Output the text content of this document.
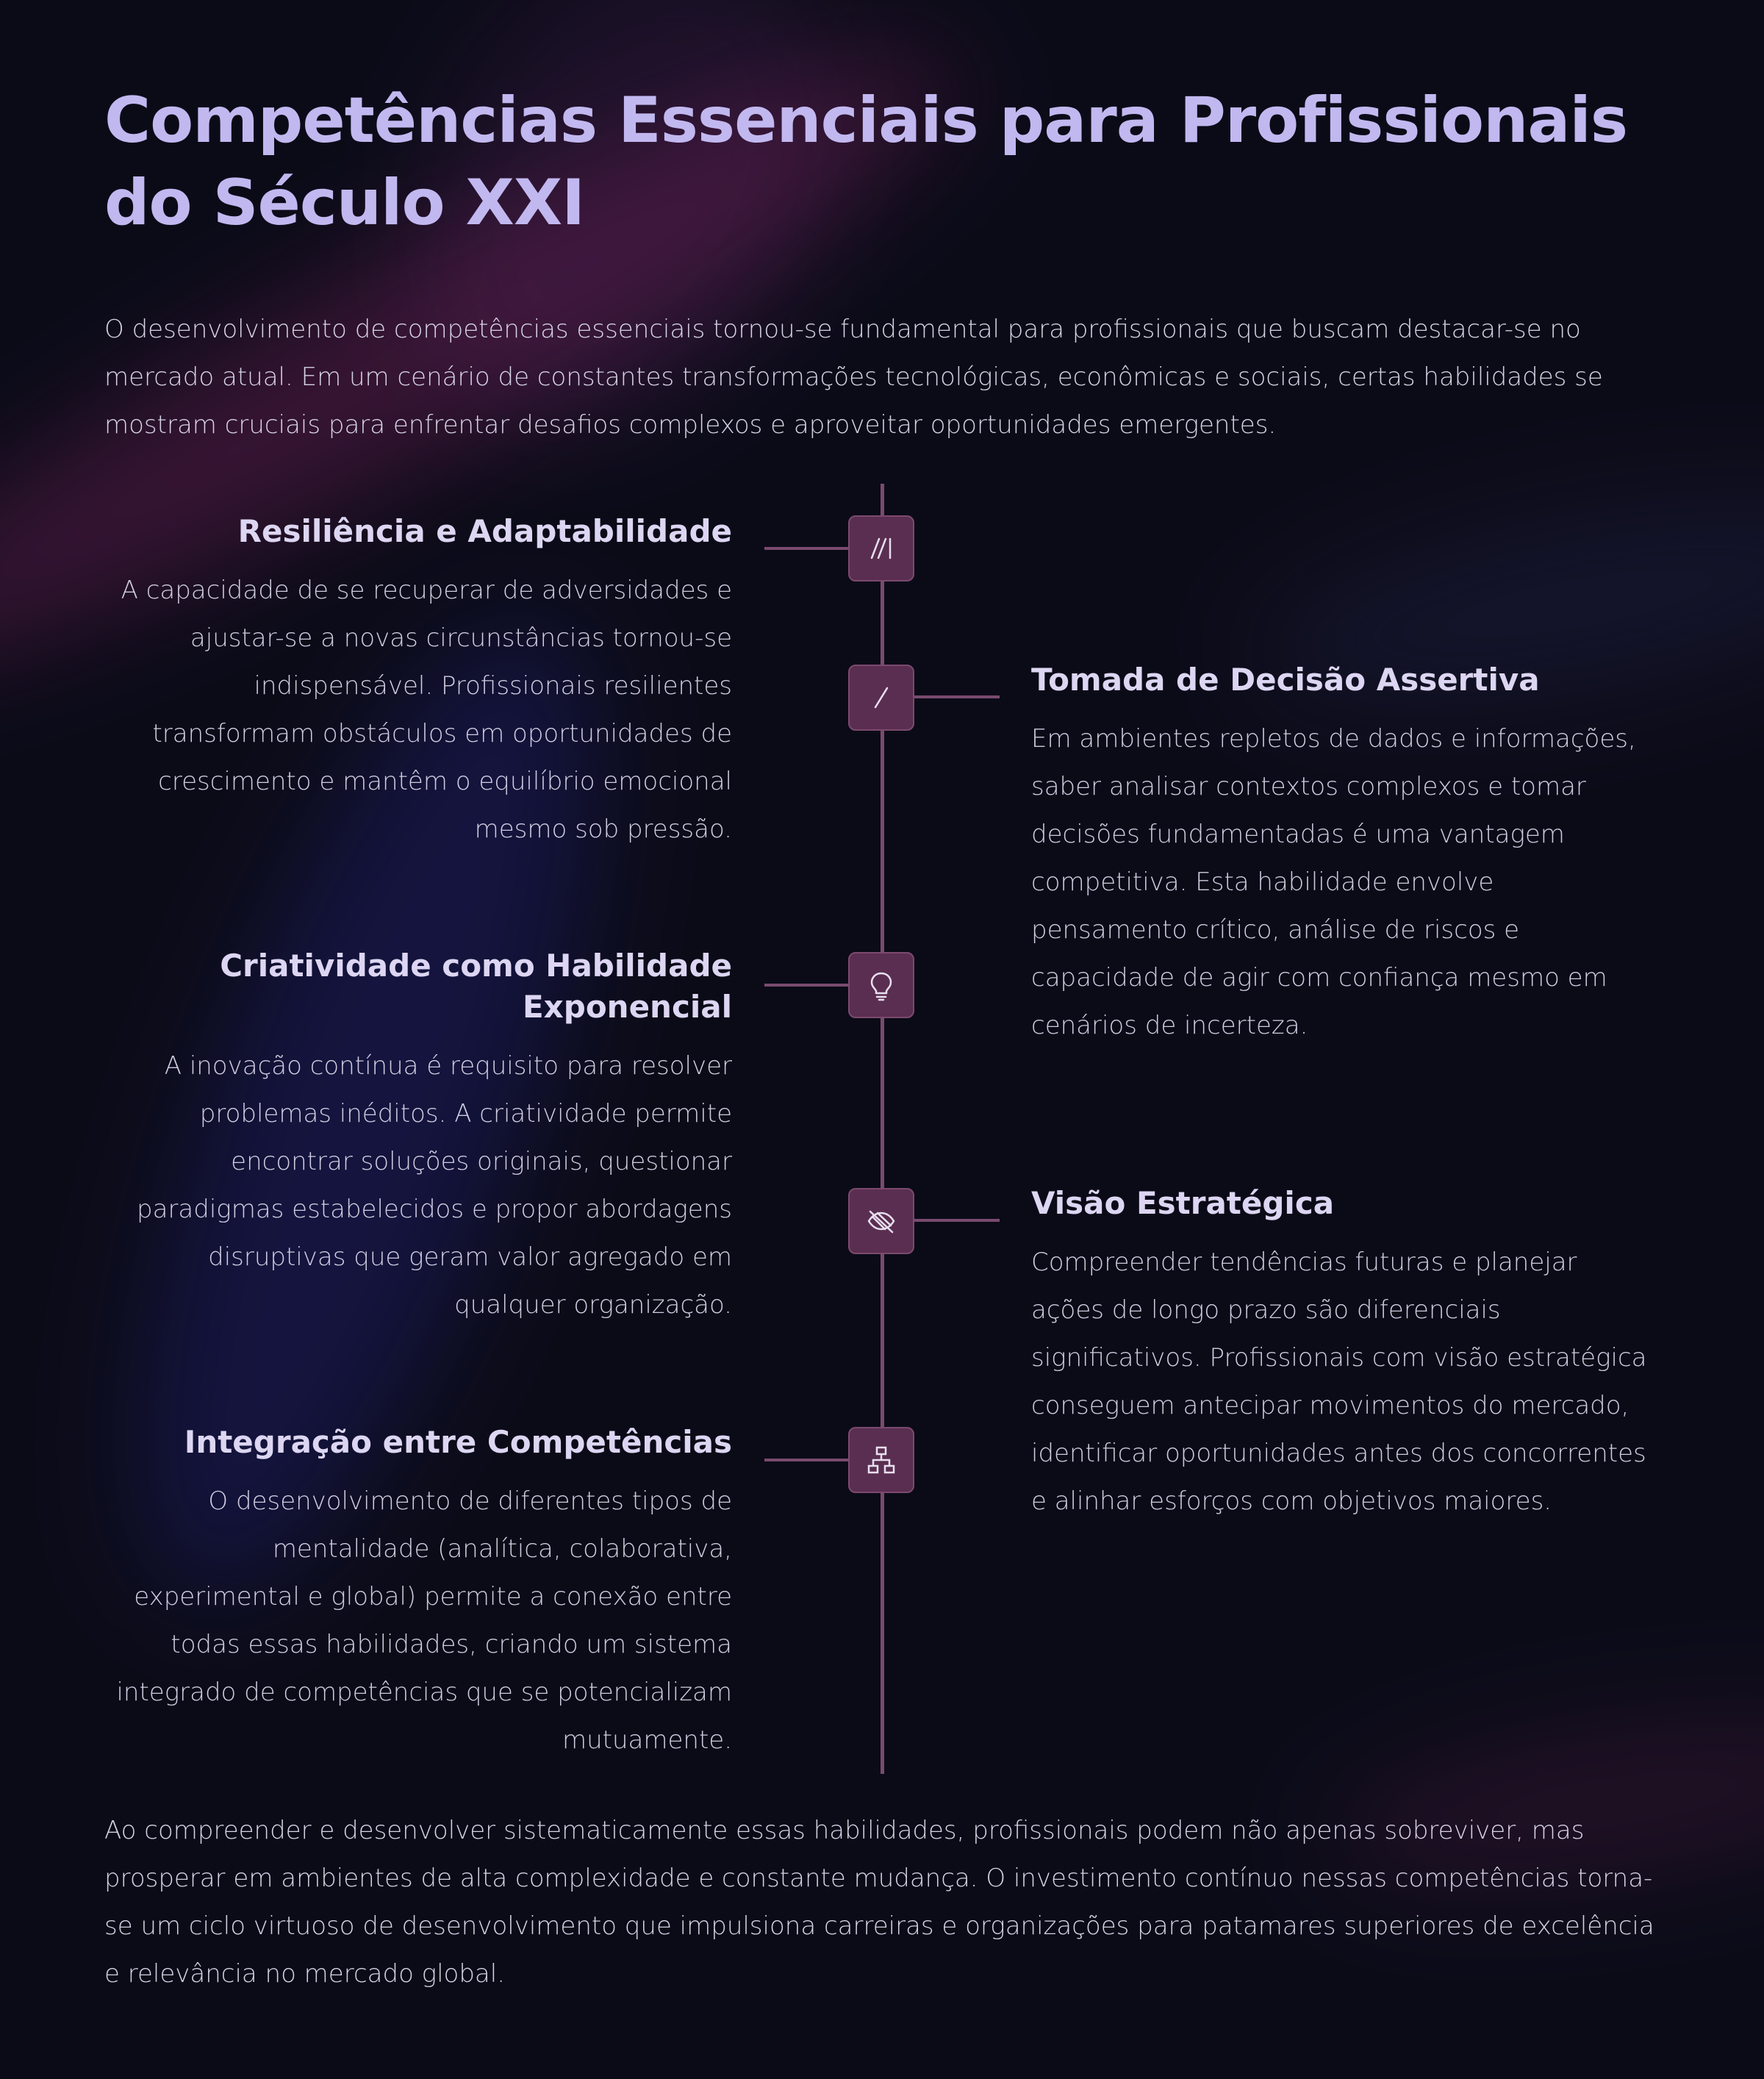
Competências Essenciais para Profissionais do Século XXI

O desenvolvimento de competências essenciais tornou-se fundamental para profissionais que buscam destacar-se no mercado atual. Em um cenário de constantes transformações tecnológicas, econômicas e sociais, certas habilidades se mostram cruciais para enfrentar desafios complexos e aproveitar oportunidades emergentes.

Resiliência e Adaptabilidade

A capacidade de se recuperar de adversidades e ajustar-se a novas circunstâncias tornou-se indispensável. Profissionais resilientes transformam obstáculos em oportunidades de crescimento e mantêm o equilíbrio emocional mesmo sob pressão.

Tomada de Decisão Assertiva

Em ambientes repletos de dados e informações, saber analisar contextos complexos e tomar decisões fundamentadas é uma vantagem competitiva. Esta habilidade envolve pensamento crítico, análise de riscos e capacidade de agir com confiança mesmo em cenários de incerteza.

Criatividade como Habilidade Exponencial

A inovação contínua é requisito para resolver problemas inéditos. A criatividade permite encontrar soluções originais, questionar paradigmas estabelecidos e propor abordagens disruptivas que geram valor agregado em qualquer organização.

Visão Estratégica

Compreender tendências futuras e planejar ações de longo prazo são diferenciais significativos. Profissionais com visão estratégica conseguem antecipar movimentos do mercado, identificar oportunidades antes dos concorrentes e alinhar esforços com objetivos maiores.

Integração entre Competências

O desenvolvimento de diferentes tipos de mentalidade (analítica, colaborativa, experimental e global) permite a conexão entre todas essas habilidades, criando um sistema integrado de competências que se potencializam mutuamente.

Ao compreender e desenvolver sistematicamente essas habilidades, profissionais podem não apenas sobreviver, mas prosperar em ambientes de alta complexidade e constante mudança. O investimento contínuo nessas competências torna-se um ciclo virtuoso de desenvolvimento que impulsiona carreiras e organizações para patamares superiores de excelência e relevância no mercado global.
